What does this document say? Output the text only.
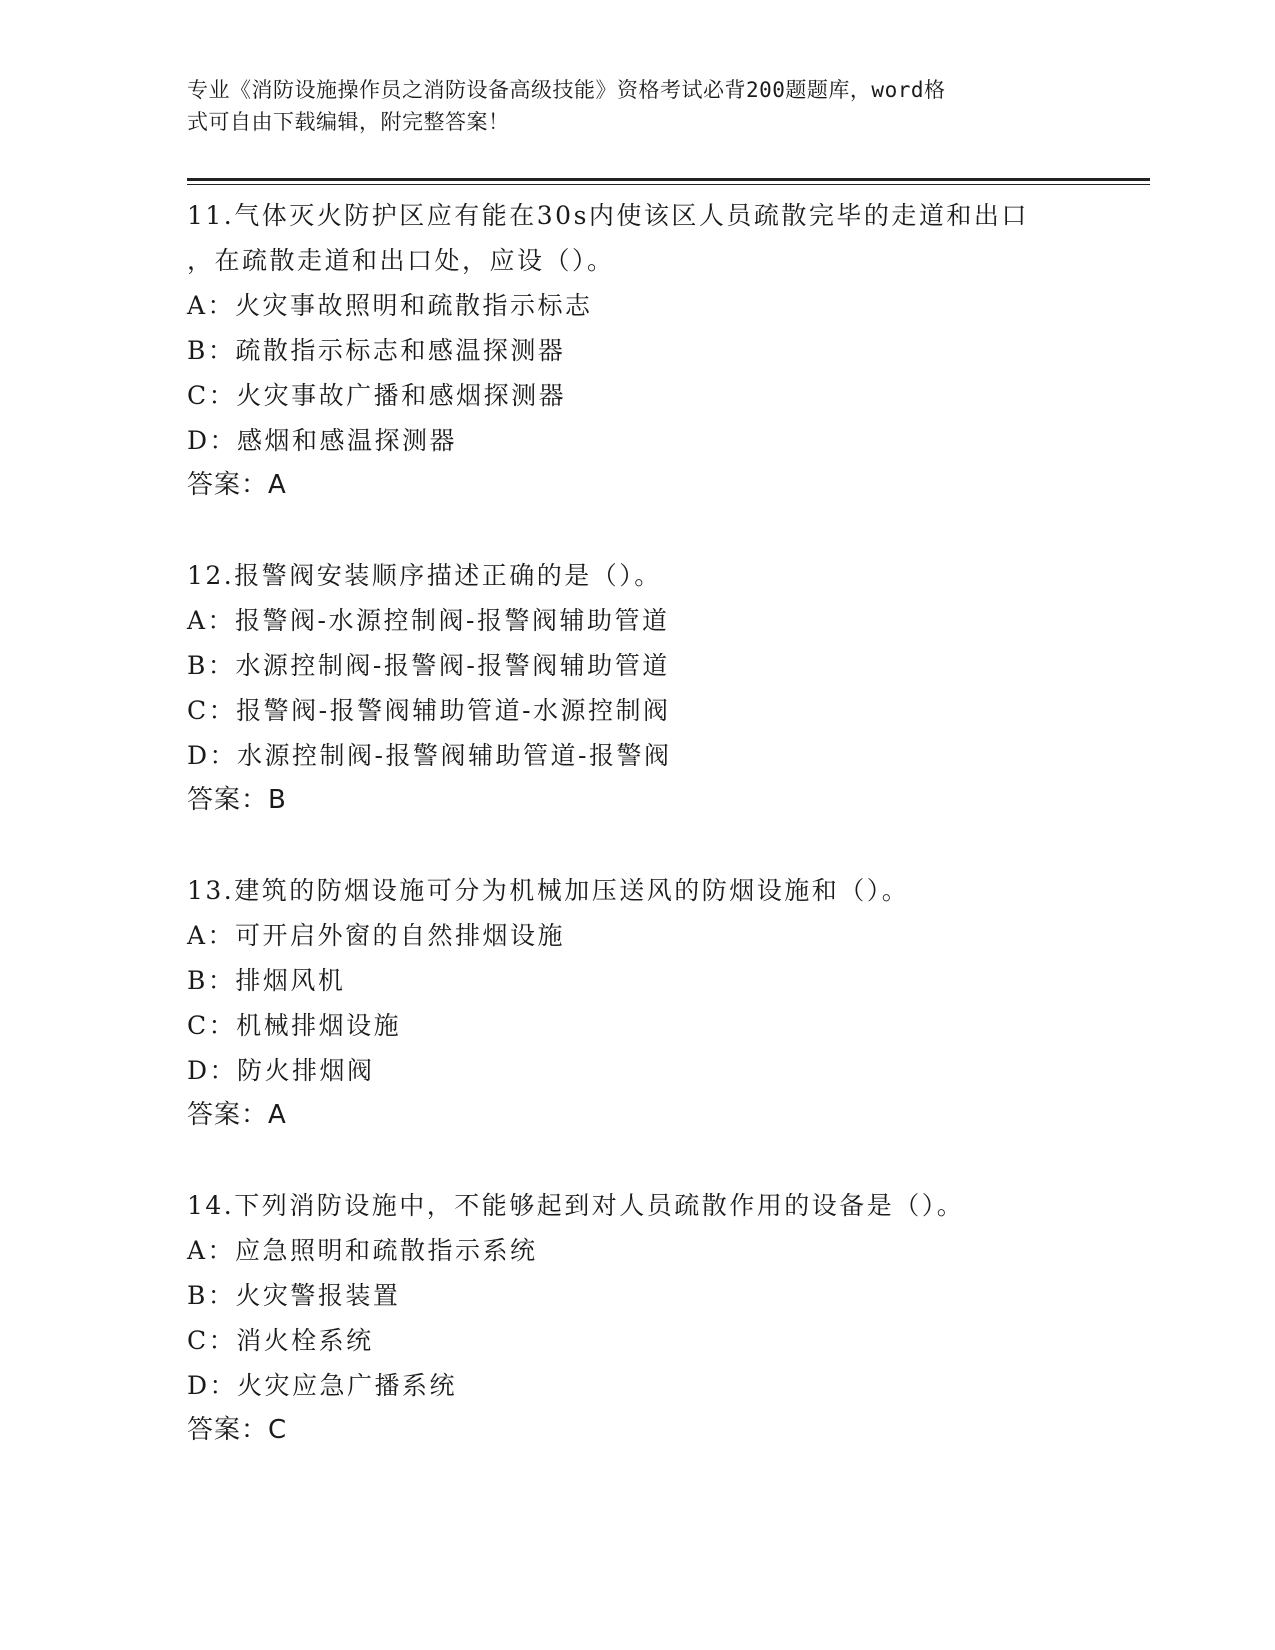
专业《消防设施操作员之消防设备高级技能》资格考试必背200题题库，word格
式可自由下载编辑，附完整答案！
11.气体灭火防护区应有能在30s内使该区人员疏散完毕的走道和出口
，在疏散走道和出口处，应设（）。
A：火灾事故照明和疏散指示标志
B：疏散指示标志和感温探测器
C：火灾事故广播和感烟探测器
D：感烟和感温探测器
答案：A
12.报警阀安装顺序描述正确的是（）。
A：报警阀-水源控制阀-报警阀辅助管道
B：水源控制阀-报警阀-报警阀辅助管道
C：报警阀-报警阀辅助管道-水源控制阀
D：水源控制阀-报警阀辅助管道-报警阀
答案：B
13.建筑的防烟设施可分为机械加压送风的防烟设施和（）。
A：可开启外窗的自然排烟设施
B：排烟风机
C：机械排烟设施
D：防火排烟阀
答案：A
14.下列消防设施中，不能够起到对人员疏散作用的设备是（）。
A：应急照明和疏散指示系统
B：火灾警报装置
C：消火栓系统
D：火灾应急广播系统
答案：C
